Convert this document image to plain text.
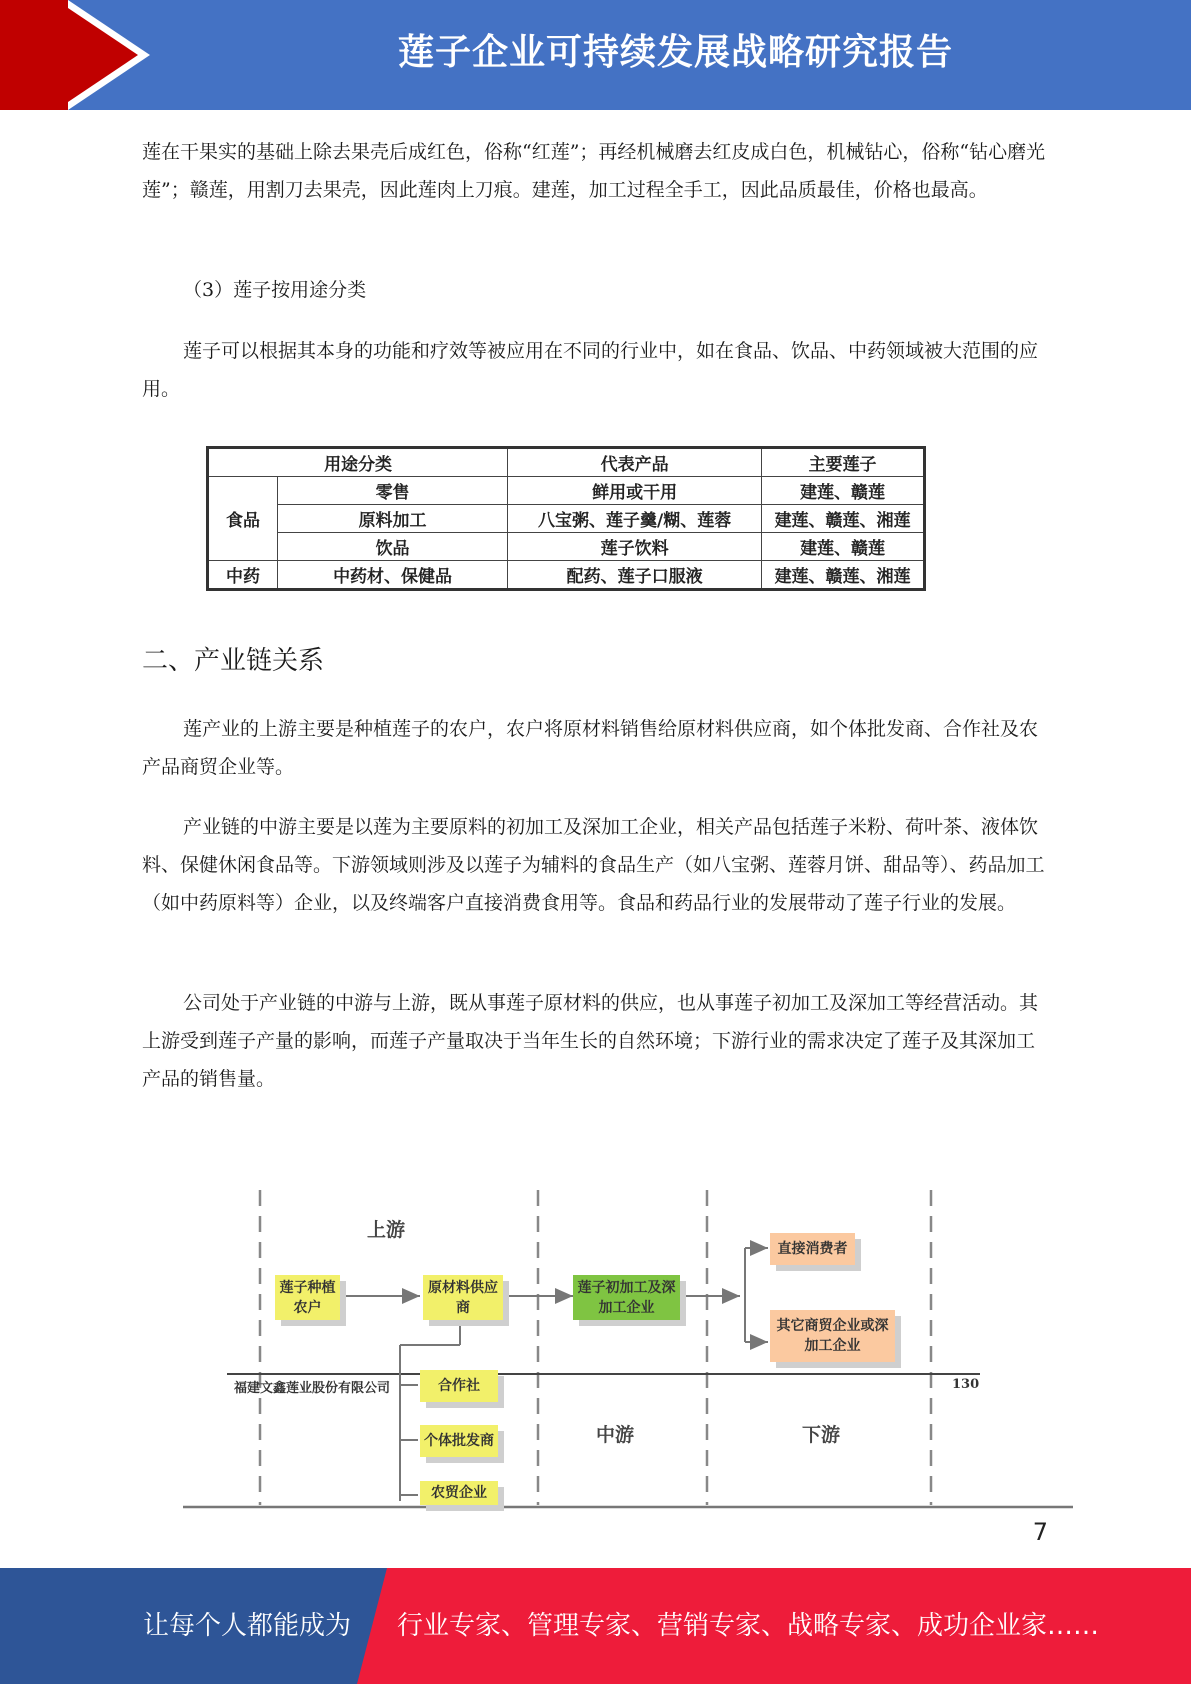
莲子企业可持续发展战略研究报告

莲在干果实的基础上除去果壳后成红色，俗称“红莲”；再经机械磨去红皮成白色，机械钻心，俗称“钻心磨光莲”；赣莲，用割刀去果壳，因此莲肉上刀痕。建莲，加工过程全手工，因此品质最佳，价格也最高。

（3）莲子按用途分类

莲子可以根据其本身的功能和疗效等被应用在不同的行业中，如在食品、饮品、中药领域被大范围的应用。

用途分类		代表产品	主要莲子
食品	零售	鲜用或干用	建莲、赣莲
	原料加工	八宝粥、莲子羹/糊、莲蓉	建莲、赣莲、湘莲
	饮品	莲子饮料	建莲、赣莲
中药	中药材、保健品	配药、莲子口服液	建莲、赣莲、湘莲
二、产业链关系

莲产业的上游主要是种植莲子的农户，农户将原材料销售给原材料供应商，如个体批发商、合作社及农产品商贸企业等。

产业链的中游主要是以莲为主要原料的初加工及深加工企业，相关产品包括莲子米粉、荷叶茶、液体饮料、保健休闲食品等。下游领域则涉及以莲子为辅料的食品生产（如八宝粥、莲蓉月饼、甜品等）、药品加工（如中药原料等）企业，以及终端客户直接消费食用等。食品和药品行业的发展带动了莲子行业的发展。

公司处于产业链的中游与上游，既从事莲子原材料的供应，也从事莲子初加工及深加工等经营活动。其上游受到莲子产量的影响，而莲子产量取决于当年生长的自然环境；下游行业的需求决定了莲子及其深加工产品的销售量。

上游
中游	下游
莲子种植农户
原材料供应商
莲子初加工及深加工企业
直接消费者
其它商贸企业或深加工企业
合作社
个体批发商
农贸企业
福建文鑫莲业股份有限公司	130
7
让每个人都能成为 行业专家、管理专家、营销专家、战略专家、成功企业家……
